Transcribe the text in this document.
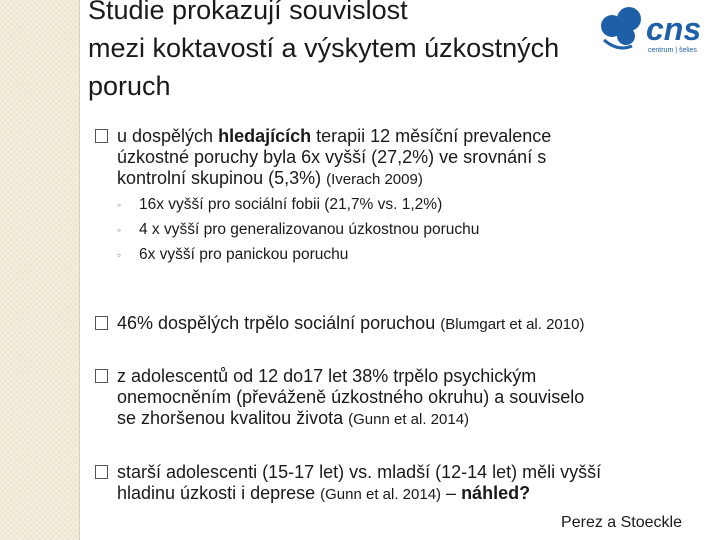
Studie prokazují souvislost
mezi koktavostí a výskytem úzkostných
poruch
cns
centrum | šelies
u dospělých hledajících terapii 12 měsíční prevalence
úzkostné poruchy byla 6x vyšší (27,2%) ve srovnání s
kontrolní skupinou (5,3%) (Iverach 2009)
◦ 16x vyšší pro sociální fobii (21,7% vs. 1,2%)
◦ 4 x vyšší pro generalizovanou úzkostnou poruchu
◦ 6x vyšší pro panickou poruchu
46% dospělých trpělo sociální poruchou (Blumgart et al. 2010)
z adolescentů od 12 do17 let 38% trpělo psychickým
onemocněním (převáženě úzkostného okruhu) a souviselo
se zhoršenou kvalitou života (Gunn et al. 2014)
starší adolescenti (15-17 let) vs. mladší (12-14 let) měli vyšší
hladinu úzkosti i deprese (Gunn et al. 2014) – náhled?
Perez a Stoeckle
